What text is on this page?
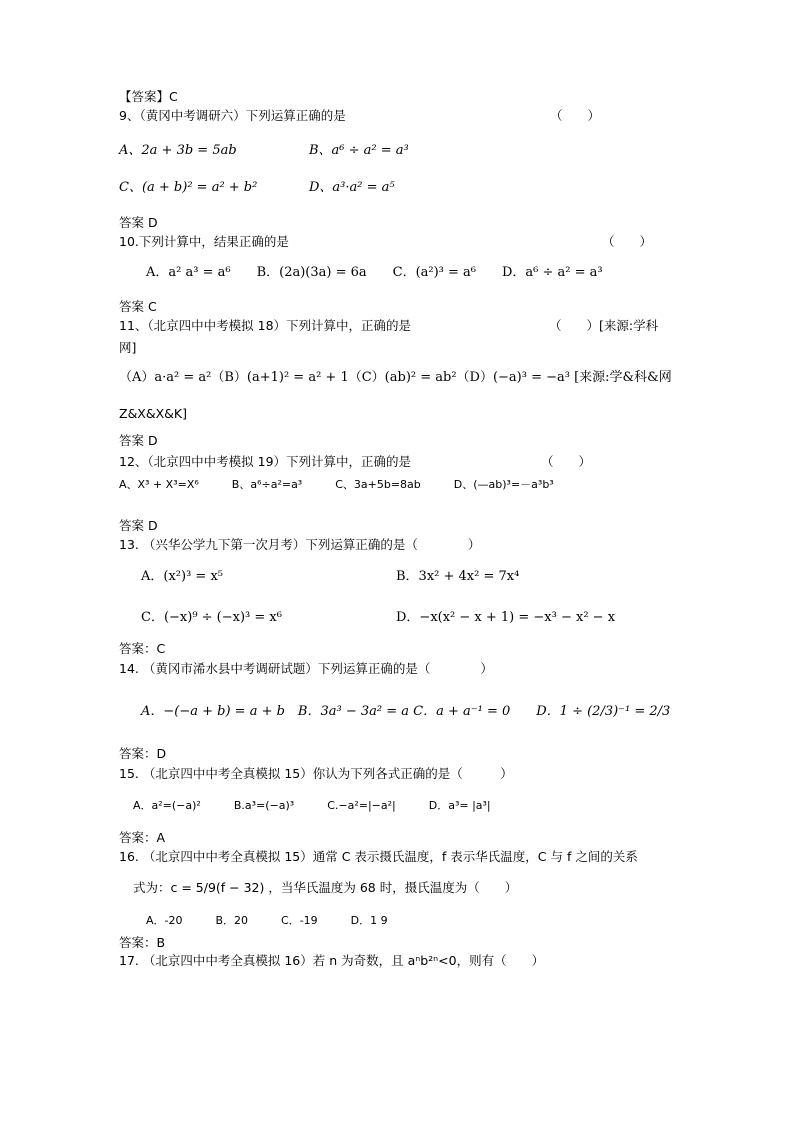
【答案】C
9、（黄冈中考调研六）下列运算正确的是	（　　）
A、2a + 3b = 5ab	B、a⁶ ÷ a² = a³
C、(a + b)² = a² + b²	D、a³·a² = a⁵
答案 D
10.下列计算中，结果正确的是	（　　）
A．a² a³ = a⁶　　B．(2a)(3a) = 6a　　C．(a²)³ = a⁶　　D．a⁶ ÷ a² = a³
答案 C
11、（北京四中中考模拟 18）下列计算中，正确的是	（　　）[来源:学科
网]
（A）a·a² = a²（B）(a+1)² = a² + 1（C）(ab)² = ab²（D）(−a)³ = −a³ [来源:学&科&网
Z&X&X&K]
答案 D
12、（北京四中中考模拟 19）下列计算中，正确的是	（　　）
A、X³ + X³=X⁶　　　B、a⁶÷a²=a³　　　C、3a+5b=8ab　　　D、(—ab)³=－a³b³
答案 D
13. （兴华公学九下第一次月考）下列运算正确的是（　　　　）
A．(x²)³ = x⁵	B．3x² + 4x² = 7x⁴
C．(−x)⁹ ÷ (−x)³ = x⁶	D．−x(x² − x + 1) = −x³ − x² − x
答案：C
14. （黄冈市浠水县中考调研试题）下列运算正确的是（　　　　）
A．−(−a + b) = a + b　B．3a³ − 3a² = a C．a + a⁻¹ = 0　　D．1 ÷ (2/3)⁻¹ = 2/3
答案：D
15. （北京四中中考全真模拟 15）你认为下列各式正确的是（　　　）
A．a²=(−a)²　　　B.a³=(−a)³　　　C.−a²=|−a²|　　　D．a³= |a³|
答案：A
16. （北京四中中考全真模拟 15）通常 C 表示摄氏温度，f 表示华氏温度，C 与 f 之间的关系
式为：c = 5/9(f − 32) ，当华氏温度为 68 时，摄氏温度为（　　）
A．-20　　　B．20　　　C．-19　　　D．1 9
答案：B
17. （北京四中中考全真模拟 16）若 n 为奇数，且 aⁿb²ⁿ<0，则有（　　）
